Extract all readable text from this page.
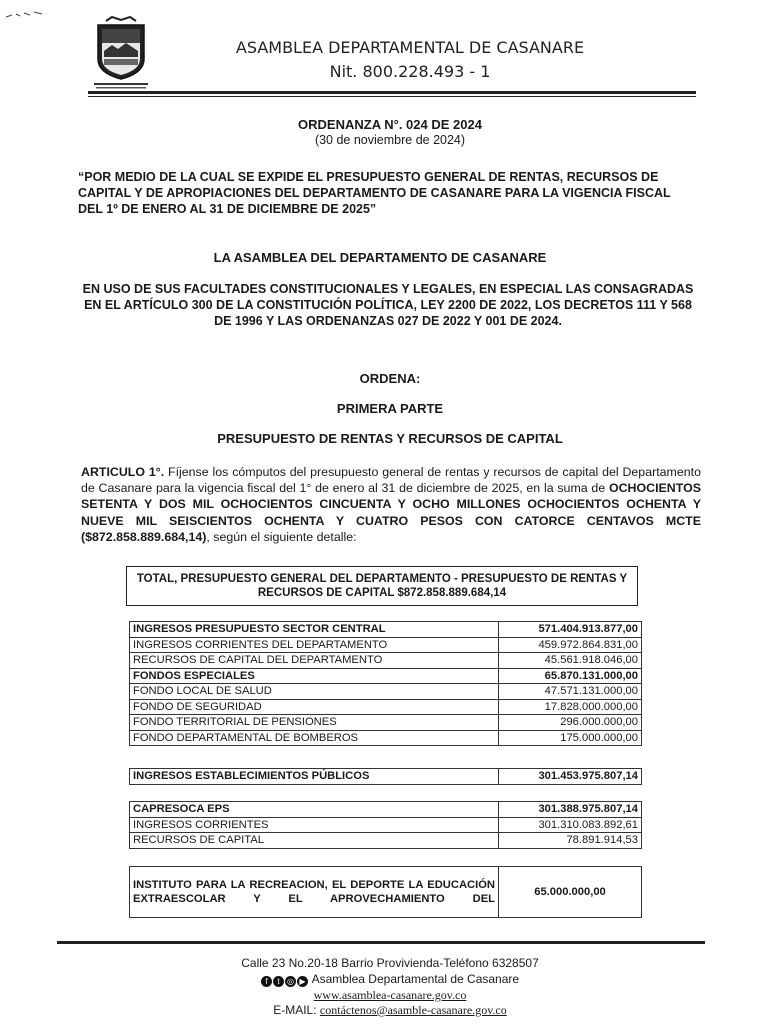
ASAMBLEA DEPARTAMENTAL DE CASANARE
Nit. 800.228.493 - 1
ORDENANZA N°. 024 DE 2024
(30 de noviembre de 2024)
“POR MEDIO DE LA CUAL SE EXPIDE EL PRESUPUESTO GENERAL DE RENTAS, RECURSOS DE CAPITAL Y DE APROPIACIONES DEL DEPARTAMENTO DE CASANARE PARA LA VIGENCIA FISCAL DEL 1º DE ENERO AL 31 DE DICIEMBRE DE 2025”
LA ASAMBLEA DEL DEPARTAMENTO DE CASANARE
EN USO DE SUS FACULTADES CONSTITUCIONALES Y LEGALES, EN ESPECIAL LAS CONSAGRADAS EN EL ARTÍCULO 300 DE LA CONSTITUCIÓN POLÍTICA, LEY 2200 DE 2022, LOS DECRETOS 111 Y 568 DE 1996 Y LAS ORDENANZAS 027 DE 2022 Y 001 DE 2024.
ORDENA:
PRIMERA PARTE
PRESUPUESTO DE RENTAS Y RECURSOS DE CAPITAL
ARTICULO 1°. Fíjense los cómputos del presupuesto general de rentas y recursos de capital del Departamento de Casanare para la vigencia fiscal del 1° de enero al 31 de diciembre de 2025, en la suma de OCHOCIENTOS SETENTA Y DOS MIL OCHOCIENTOS CINCUENTA Y OCHO MILLONES OCHOCIENTOS OCHENTA Y NUEVE MIL SEISCIENTOS OCHENTA Y CUATRO PESOS CON CATORCE CENTAVOS MCTE ($872.858.889.684,14), según el siguiente detalle:
TOTAL, PRESUPUESTO GENERAL DEL DEPARTAMENTO - PRESUPUESTO DE RENTAS Y RECURSOS DE CAPITAL $872.858.889.684,14
INGRESOS PRESUPUESTO SECTOR CENTRAL	571.404.913.877,00
INGRESOS CORRIENTES DEL DEPARTAMENTO	459.972.864.831,00
RECURSOS DE CAPITAL DEL DEPARTAMENTO	45.561.918.046,00
FONDOS ESPECIALES	65.870.131.000,00
FONDO LOCAL DE SALUD	47.571.131.000,00
FONDO DE SEGURIDAD	17.828.000.000,00
FONDO TERRITORIAL DE PENSIONES	296.000.000,00
FONDO DEPARTAMENTAL DE BOMBEROS	175.000.000,00
INGRESOS ESTABLECIMIENTOS PÚBLICOS	301.453.975.807,14
CAPRESOCA EPS	301.388.975.807,14
INGRESOS CORRIENTES	301.310.083.892,61
RECURSOS DE CAPITAL	78.891.914,53
INSTITUTO PARA LA RECREACION, EL DEPORTE LA EDUCACIÓN EXTRAESCOLAR Y EL APROVECHAMIENTO DEL	65.000.000,00
Calle 23 No.20-18 Barrio Provivienda-Teléfono 6328507
f t ◎ ▶ Asamblea Departamental de Casanare
www.asamblea-casanare.gov.co
E-MAIL: contáctenos@asamble-casanare.gov.co
